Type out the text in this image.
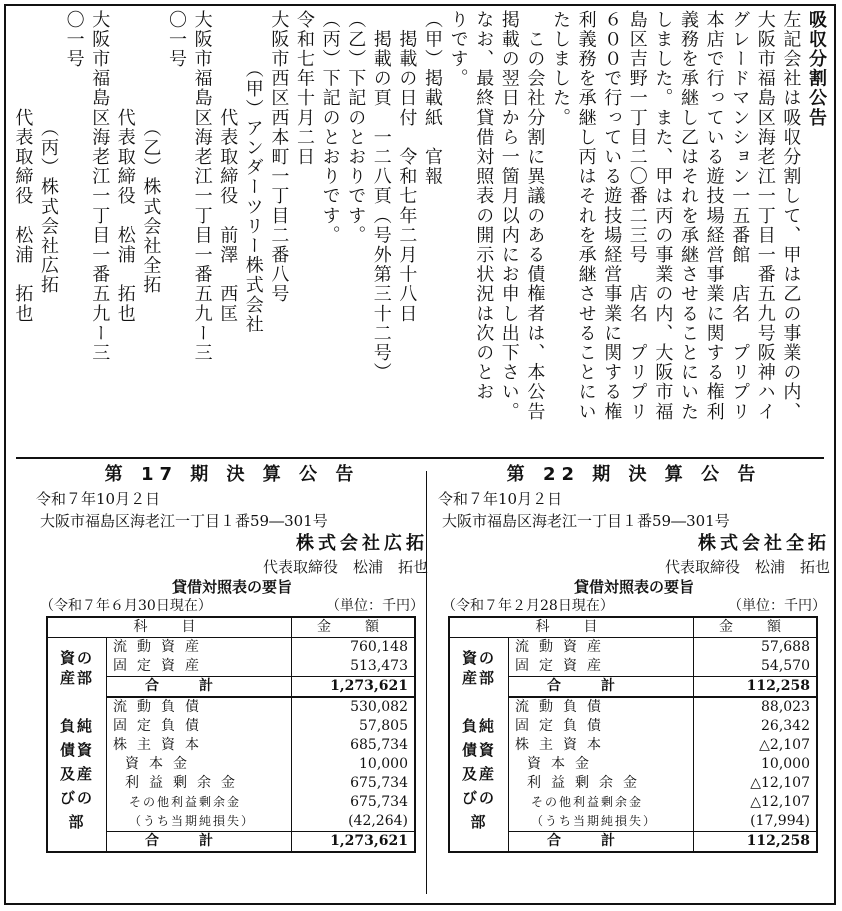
吸収分割公告
左記会社は吸収分割して、甲は乙の事業の内、
大阪市福島区海老江一丁目一番五九号阪神ハイ
グレードマンション一五番館　店名　プリプリ
本店で行っている遊技場経営事業に関する権利
義務を承継し乙はそれを承継させることにいた
しました。また、甲は丙の事業の内、大阪市福
島区吉野一丁目二〇番二三号　店名　プリプリ
６００で行っている遊技場経営事業に関する権
利義務を承継し丙はそれを承継させることにい
たしました。
　この会社分割に異議のある債権者は、本公告
掲載の翌日から一箇月以内にお申し出下さい。
なお、最終貸借対照表の開示状況は次のとお
りです。
（甲）掲載紙　官報
　掲載の日付　令和七年二月十八日
　掲載の頁　一二八頁（号外第三十二号）
（乙）下記のとおりです。
（丙）下記のとおりです。
令和七年十月二日
大阪市西区西本町一丁目二番八号
　　　（甲）アンダーツリー株式会社
　　　　　代表取締役　前澤　西匡
大阪市福島区海老江一丁目一番五九ー三
〇一号
　　　　　　（乙）株式会社全拓
　　　　　代表取締役　松浦　拓也
大阪市福島区海老江一丁目一番五九ー三
〇一号
　　　　　　（丙）株式会社広拓
　　　　　代表取締役　松浦　拓也
第 17 期 決 算 公 告
令和７年10月２日
大阪市福島区海老江一丁目１番59―301号
株式会社広拓
代表取締役　松浦　拓也
貸借対照表の要旨
（令和７年６月30日現在）	（単位：千円）
科　目		金　額
資の産部	流動資産	760,148
	固定資産	513,473
	合計	1,273,621
負純債資及産びの部	流動負債	530,082
	固定負債	57,805
	株主資本	685,734
	資本金	10,000
	利益剰余金	675,734
	その他利益剰余金	675,734
	（うち当期純損失）	(42,264)
	合計	1,273,621
第 22 期 決 算 公 告
令和７年10月２日
大阪市福島区海老江一丁目１番59―301号
株式会社全拓
代表取締役　松浦　拓也
貸借対照表の要旨
（令和７年２月28日現在）	（単位：千円）
科　目		金　額
資の産部	流動資産	57,688
	固定資産	54,570
	合計	112,258
負純債資及産びの部	流動負債	88,023
	固定負債	26,342
	株主資本	△2,107
	資本金	10,000
	利益剰余金	△12,107
	その他利益剰余金	△12,107
	（うち当期純損失）	(17,994)
	合計	112,258
